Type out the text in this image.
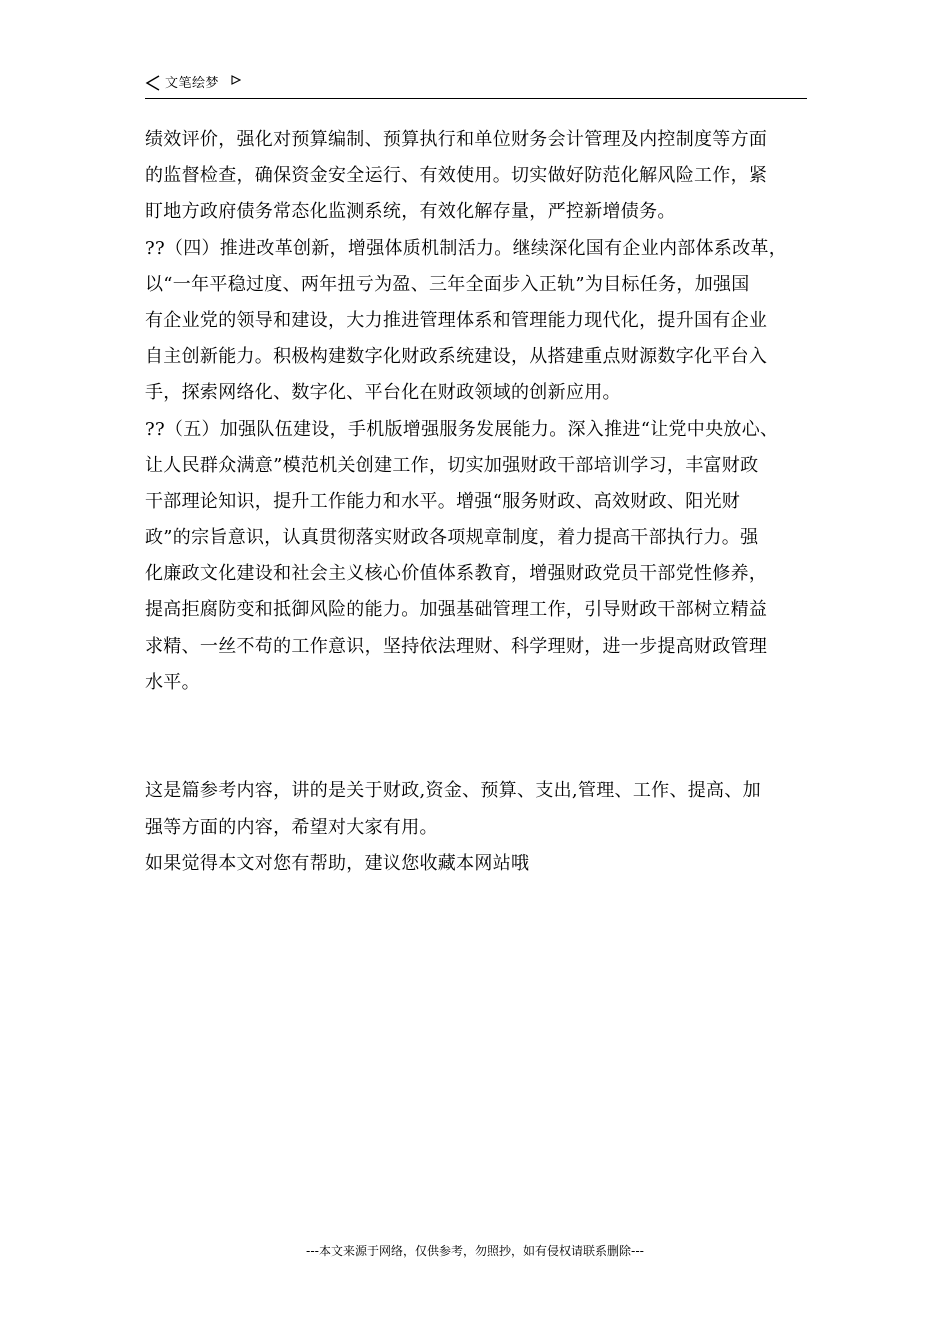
文笔绘梦
绩效评价，强化对预算编制、预算执行和单位财务会计管理及内控制度等方面
的监督检查，确保资金安全运行、有效使用。切实做好防范化解风险工作，紧
盯地方政府债务常态化监测系统，有效化解存量，严控新增债务。
??（四）推进改革创新，增强体质机制活力。继续深化国有企业内部体系改革，
以“一年平稳过度、两年扭亏为盈、三年全面步入正轨”为目标任务，加强国
有企业党的领导和建设，大力推进管理体系和管理能力现代化，提升国有企业
自主创新能力。积极构建数字化财政系统建设，从搭建重点财源数字化平台入
手，探索网络化、数字化、平台化在财政领域的创新应用。
??（五）加强队伍建设，手机版增强服务发展能力。深入推进“让党中央放心、
让人民群众满意”模范机关创建工作，切实加强财政干部培训学习，丰富财政
干部理论知识，提升工作能力和水平。增强“服务财政、高效财政、阳光财
政”的宗旨意识，认真贯彻落实财政各项规章制度，着力提高干部执行力。强
化廉政文化建设和社会主义核心价值体系教育，增强财政党员干部党性修养，
提高拒腐防变和抵御风险的能力。加强基础管理工作，引导财政干部树立精益
求精、一丝不苟的工作意识，坚持依法理财、科学理财，进一步提高财政管理
水平。
这是篇参考内容，讲的是关于财政,资金、预算、支出,管理、工作、提高、加
强等方面的内容，希望对大家有用。
如果觉得本文对您有帮助，建议您收藏本网站哦
---本文来源于网络，仅供参考，勿照抄，如有侵权请联系删除---
